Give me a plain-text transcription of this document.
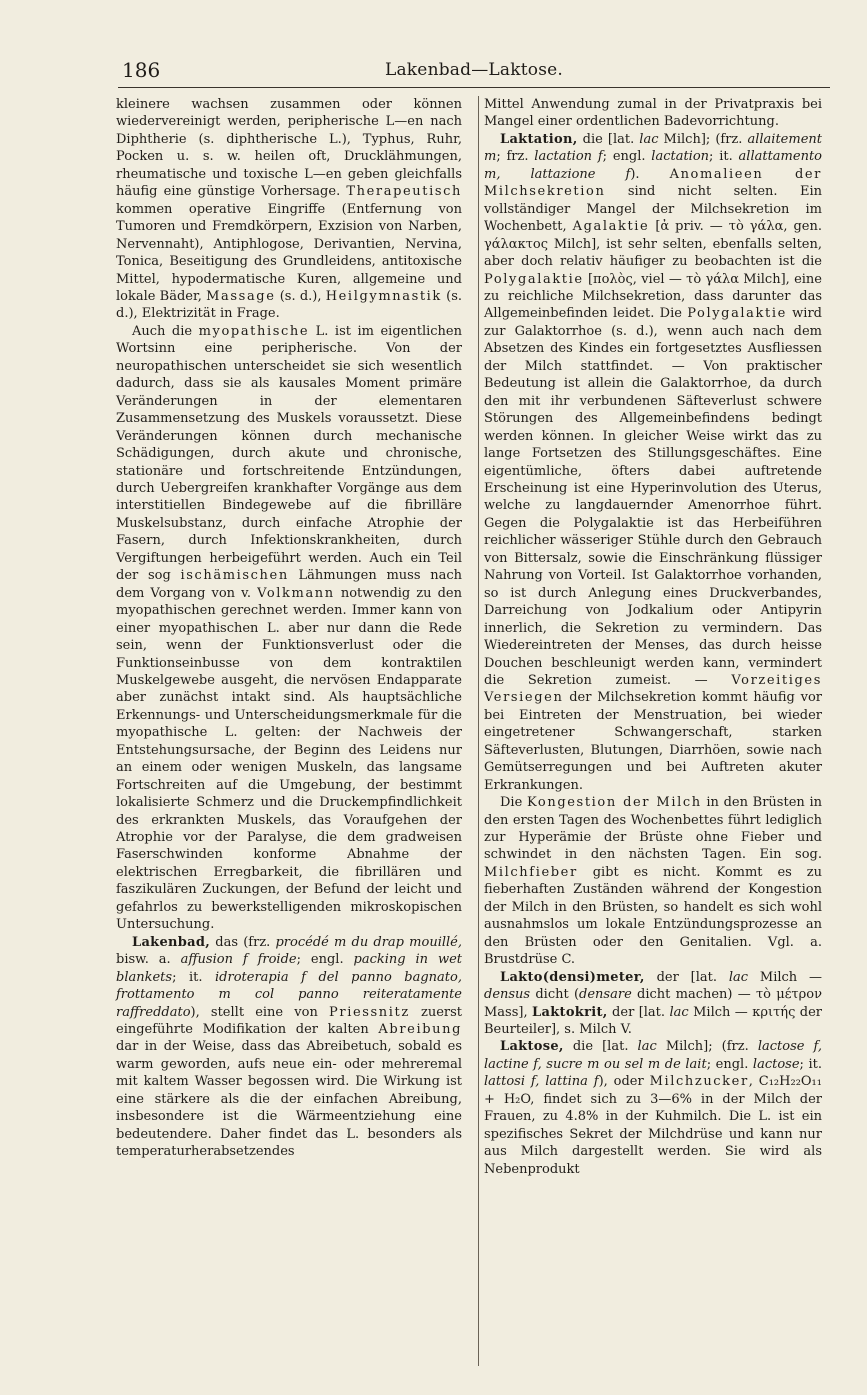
186	Lakenbad—Laktose.

kleinere wachsen zusammen oder können wiedervereinigt werden, peripherische L—en nach Diphtherie (s. diphtherische L.), Typhus, Ruhr, Pocken u. s. w. heilen oft, Drucklähmungen, rheumatische und toxische L—en geben gleichfalls häufig eine günstige Vorhersage. Therapeutisch kommen operative Eingriffe (Entfernung von Tumoren und Fremdkörpern, Exzision von Narben, Nervennaht), Antiphlogose, Derivantien, Nervina, Tonica, Beseitigung des Grundleidens, antitoxische Mittel, hypodermatische Kuren, allgemeine und lokale Bäder, Massage (s. d.), Heilgymnastik (s. d.), Elektrizität in Frage.

Auch die myopathische L. ist im eigentlichen Wortsinn eine peripherische. Von der neuropathischen unterscheidet sie sich wesentlich dadurch, dass sie als kausales Moment primäre Veränderungen in der elementaren Zusammensetzung des Muskels voraussetzt. Diese Veränderungen können durch mechanische Schädigungen, durch akute und chronische, stationäre und fortschreitende Entzündungen, durch Uebergreifen krankhafter Vorgänge aus dem interstitiellen Bindegewebe auf die fibrilläre Muskelsubstanz, durch einfache Atrophie der Fasern, durch Infektionskrankheiten, durch Vergiftungen herbeigeführt werden. Auch ein Teil der sog ischämischen Lähmungen muss nach dem Vorgang von v. Volkmann notwendig zu den myopathischen gerechnet werden. Immer kann von einer myopathischen L. aber nur dann die Rede sein, wenn der Funktionsverlust oder die Funktionseinbusse von dem kontraktilen Muskelgewebe ausgeht, die nervösen Endapparate aber zunächst intakt sind. Als hauptsächliche Erkennungs- und Unterscheidungsmerkmale für die myopathische L. gelten: der Nachweis der Entstehungsursache, der Beginn des Leidens nur an einem oder wenigen Muskeln, das langsame Fortschreiten auf die Umgebung, der bestimmt lokalisierte Schmerz und die Druckempfindlichkeit des erkrankten Muskels, das Voraufgehen der Atrophie vor der Paralyse, die dem gradweisen Faserschwinden konforme Abnahme der elektrischen Erregbarkeit, die fibrillären und faszikulären Zuckungen, der Befund der leicht und gefahrlos zu bewerkstelligenden mikroskopischen Untersuchung.

Lakenbad, das (frz. procédé m du drap mouillé, bisw. a. affusion f froide; engl. packing in wet blankets; it. idroterapia f del panno bagnato, frottamento m col panno reiteratamente raffreddato), stellt eine von Priessnitz zuerst eingeführte Modifikation der kalten Abreibung dar in der Weise, dass das Abreibetuch, sobald es warm geworden, aufs neue ein- oder mehreremal mit kaltem Wasser begossen wird. Die Wirkung ist eine stärkere als die der einfachen Abreibung, insbesondere ist die Wärmeentziehung eine bedeutendere. Daher findet das L. besonders als temperaturherabsetzendes

Mittel Anwendung zumal in der Privatpraxis bei Mangel einer ordentlichen Badevorrichtung.

Laktation, die [lat. lac Milch]; (frz. allaitement m; frz. lactation f; engl. lactation; it. allattamento m, lattazione f). Anomalieen der Milchsekretion sind nicht selten. Ein vollständiger Mangel der Milchsekretion im Wochenbett, Agalaktie [ἀ priv. — τὸ γάλα, gen. γάλακτος Milch], ist sehr selten, ebenfalls selten, aber doch relativ häufiger zu beobachten ist die Polygalaktie [πολὸς, viel — τὸ γάλα Milch], eine zu reichliche Milchsekretion, dass darunter das Allgemeinbefinden leidet. Die Polygalaktie wird zur Galaktorrhoe (s. d.), wenn auch nach dem Absetzen des Kindes ein fortgesetztes Ausfliessen der Milch stattfindet. — Von praktischer Bedeutung ist allein die Galaktorrhoe, da durch den mit ihr verbundenen Säfteverlust schwere Störungen des Allgemeinbefindens bedingt werden können. In gleicher Weise wirkt das zu lange Fortsetzen des Stillungsgeschäftes. Eine eigentümliche, öfters dabei auftretende Erscheinung ist eine Hyperinvolution des Uterus, welche zu langdauernder Amenorrhoe führt. Gegen die Polygalaktie ist das Herbeiführen reichlicher wässeriger Stühle durch den Gebrauch von Bittersalz, sowie die Einschränkung flüssiger Nahrung von Vorteil. Ist Galaktorrhoe vorhanden, so ist durch Anlegung eines Druckverbandes, Darreichung von Jodkalium oder Antipyrin innerlich, die Sekretion zu vermindern. Das Wiedereintreten der Menses, das durch heisse Douchen beschleunigt werden kann, vermindert die Sekretion zumeist. — Vorzeitiges Versiegen der Milchsekretion kommt häufig vor bei Eintreten der Menstruation, bei wieder eingetretener Schwangerschaft, starken Säfteverlusten, Blutungen, Diarrhöen, sowie nach Gemütserregungen und bei Auftreten akuter Erkrankungen.

Die Kongestion der Milch in den Brüsten in den ersten Tagen des Wochenbettes führt lediglich zur Hyperämie der Brüste ohne Fieber und schwindet in den nächsten Tagen. Ein sog. Milchfieber gibt es nicht. Kommt es zu fieberhaften Zuständen während der Kongestion der Milch in den Brüsten, so handelt es sich wohl ausnahmslos um lokale Entzündungsprozesse an den Brüsten oder den Genitalien. Vgl. a. Brustdrüse C.

Lakto(densi)meter, der [lat. lac Milch — densus dicht (densare dicht machen) — τὸ μέτρον Mass], Laktokrit, der [lat. lac Milch — κριτής der Beurteiler], s. Milch V.

Laktose, die [lat. lac Milch]; (frz. lactose f, lactine f, sucre m ou sel m de lait; engl. lactose; it. lattosi f, lattina f), oder Milchzucker, C₁₂H₂₂O₁₁ + H₂O, findet sich zu 3—6% in der Milch der Frauen, zu 4.8% in der Kuhmilch. Die L. ist ein spezifisches Sekret der Milchdrüse und kann nur aus Milch dargestellt werden. Sie wird als Nebenprodukt
